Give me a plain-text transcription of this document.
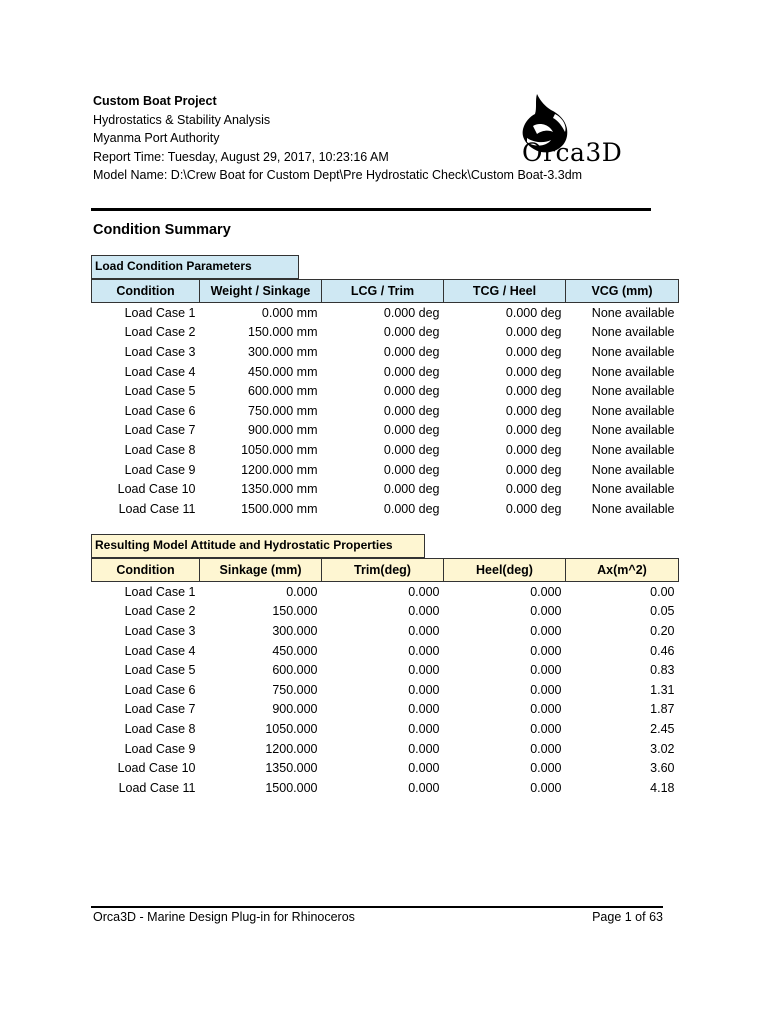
Custom Boat Project
Hydrostatics & Stability Analysis
Myanma Port Authority
Report Time: Tuesday, August 29, 2017, 10:23:16 AM
Model Name: D:\Crew Boat for Custom Dept\Pre Hydrostatic Check\Custom Boat-3.3dm
Orca3D
Condition Summary
Load Condition Parameters
Condition	Weight / Sinkage	LCG / Trim	TCG / Heel	VCG (mm)
Load Case 1	0.000 mm	0.000 deg	0.000 deg	None available
Load Case 2	150.000 mm	0.000 deg	0.000 deg	None available
Load Case 3	300.000 mm	0.000 deg	0.000 deg	None available
Load Case 4	450.000 mm	0.000 deg	0.000 deg	None available
Load Case 5	600.000 mm	0.000 deg	0.000 deg	None available
Load Case 6	750.000 mm	0.000 deg	0.000 deg	None available
Load Case 7	900.000 mm	0.000 deg	0.000 deg	None available
Load Case 8	1050.000 mm	0.000 deg	0.000 deg	None available
Load Case 9	1200.000 mm	0.000 deg	0.000 deg	None available
Load Case 10	1350.000 mm	0.000 deg	0.000 deg	None available
Load Case 11	1500.000 mm	0.000 deg	0.000 deg	None available
Resulting Model Attitude and Hydrostatic Properties
Condition	Sinkage (mm)	Trim(deg)	Heel(deg)	Ax(m^2)
Load Case 1	0.000	0.000	0.000	0.00
Load Case 2	150.000	0.000	0.000	0.05
Load Case 3	300.000	0.000	0.000	0.20
Load Case 4	450.000	0.000	0.000	0.46
Load Case 5	600.000	0.000	0.000	0.83
Load Case 6	750.000	0.000	0.000	1.31
Load Case 7	900.000	0.000	0.000	1.87
Load Case 8	1050.000	0.000	0.000	2.45
Load Case 9	1200.000	0.000	0.000	3.02
Load Case 10	1350.000	0.000	0.000	3.60
Load Case 11	1500.000	0.000	0.000	4.18
Orca3D - Marine Design Plug-in for Rhinoceros	Page 1 of 63
